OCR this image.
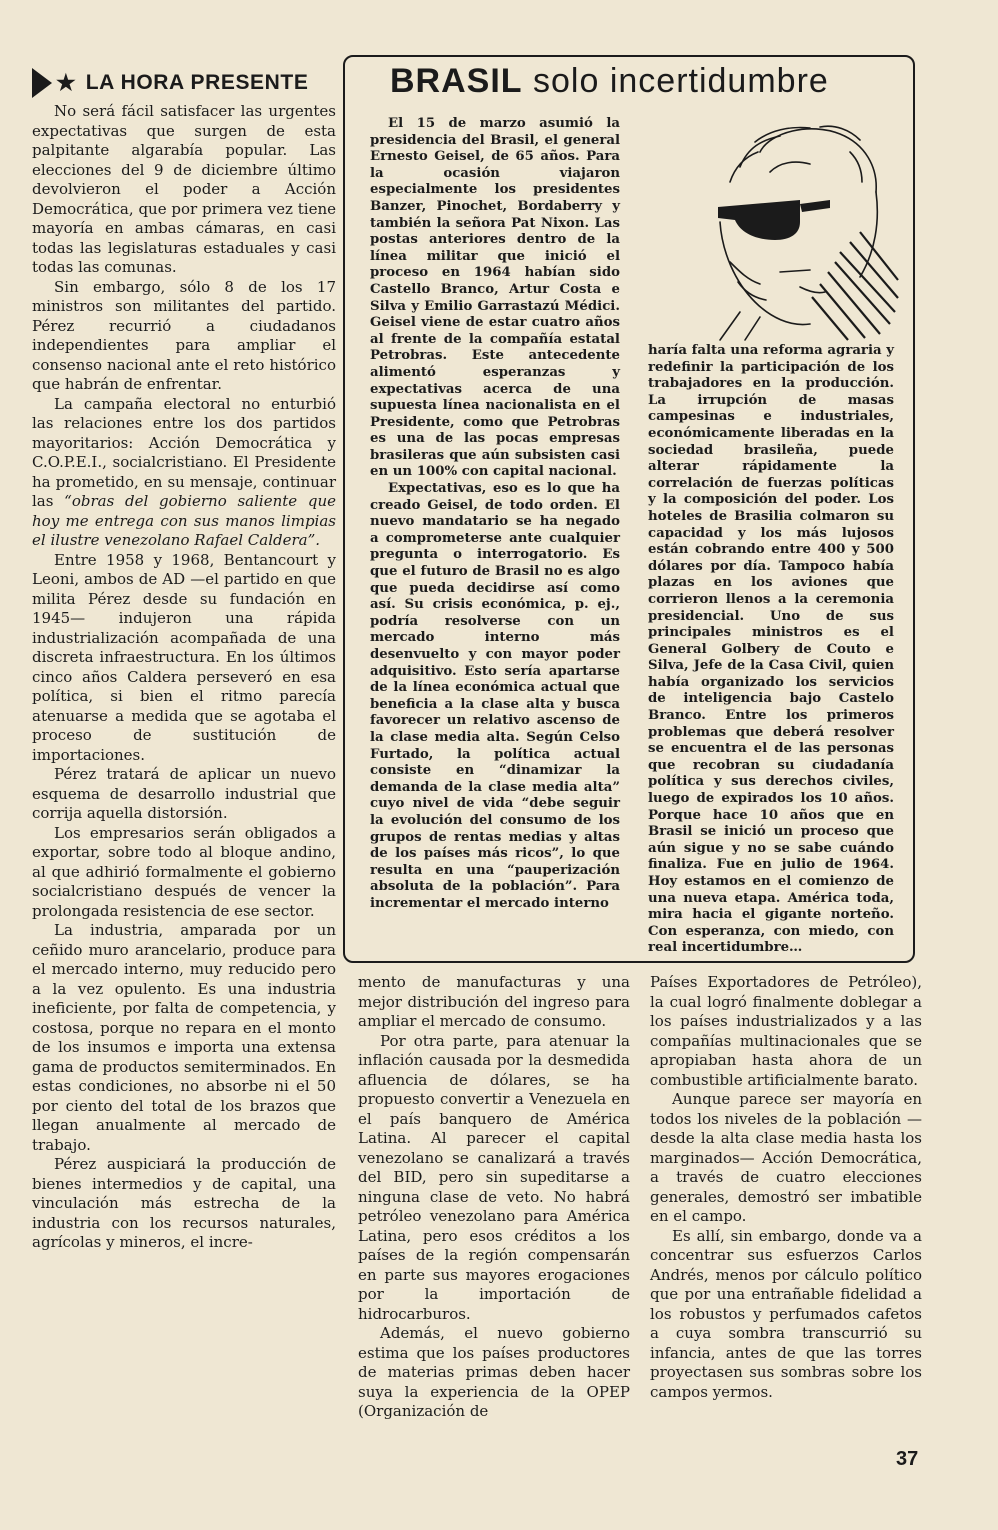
★ LA HORA PRESENTE

No será fácil satisfacer las urgentes expectativas que surgen de esta palpitante algarabía popular. Las elecciones del 9 de diciembre último devolvieron el poder a Acción Democrática, que por primera vez tiene mayoría en ambas cámaras, en casi todas las legislaturas estaduales y casi todas las comunas.

Sin embargo, sólo 8 de los 17 ministros son militantes del partido. Pérez recurrió a ciudadanos independientes para ampliar el consenso nacional ante el reto histórico que habrán de enfrentar.

La campaña electoral no enturbió las relaciones entre los dos partidos mayoritarios: Acción Democrática y C.O.P.E.I., socialcristiano. El Presidente ha prometido, en su mensaje, continuar las “obras del gobierno saliente que hoy me entrega con sus manos limpias el ilustre venezolano Rafael Caldera”.

Entre 1958 y 1968, Bentancourt y Leoni, ambos de AD —el partido en que milita Pérez desde su fundación en 1945— indujeron una rápida industrialización acompañada de una discreta infraestructura. En los últimos cinco años Caldera perseveró en esa política, si bien el ritmo parecía atenuarse a medida que se agotaba el proceso de sustitución de importaciones.

Pérez tratará de aplicar un nuevo esquema de desarrollo industrial que corrija aquella distorsión.

Los empresarios serán obligados a exportar, sobre todo al bloque andino, al que adhirió formalmente el gobierno socialcristiano después de vencer la prolongada resistencia de ese sector.

La industria, amparada por un ceñido muro arancelario, produce para el mercado interno, muy reducido pero a la vez opulento. Es una industria ineficiente, por falta de competencia, y costosa, porque no repara en el monto de los insumos e importa una extensa gama de productos semiterminados. En estas condiciones, no absorbe ni el 50 por ciento del total de los brazos que llegan anualmente al mercado de trabajo.

Pérez auspiciará la producción de bienes intermedios y de capital, una vinculación más estrecha de la industria con los recursos naturales, agrícolas y mineros, el incre-

BRASIL solo incertidumbre

El 15 de marzo asumió la presidencia del Brasil, el general Ernesto Geisel, de 65 años. Para la ocasión viajaron especialmente los presidentes Banzer, Pinochet, Bordaberry y también la señora Pat Nixon. Las postas anteriores dentro de la línea militar que inició el proceso en 1964 habían sido Castello Branco, Artur Costa e Silva y Emilio Garrastazú Médici. Geisel viene de estar cuatro años al frente de la compañía estatal Petrobras. Este antecedente alimentó esperanzas y expectativas acerca de una supuesta línea nacionalista en el Presidente, como que Petrobras es una de las pocas empresas brasileras que aún subsisten casi en un 100% con capital nacional.

Expectativas, eso es lo que ha creado Geisel, de todo orden. El nuevo mandatario se ha negado a comprometerse ante cualquier pregunta o interrogatorio. Es que el futuro de Brasil no es algo que pueda decidirse así como así. Su crisis económica, p. ej., podría resolverse con un mercado interno más desenvuelto y con mayor poder adquisitivo. Esto sería apartarse de la línea económica actual que beneficia a la clase alta y busca favorecer un relativo ascenso de la clase media alta. Según Celso Furtado, la política actual consiste en “dinamizar la demanda de la clase media alta” cuyo nivel de vida “debe seguir la evolución del consumo de los grupos de rentas medias y altas de los países más ricos”, lo que resulta en una “pauperización absoluta de la población”. Para incrementar el mercado interno

haría falta una reforma agraria y redefinir la participación de los trabajadores en la producción. La irrupción de masas campesinas e industriales, económicamente liberadas en la sociedad brasileña, puede alterar rápidamente la correlación de fuerzas políticas y la composición del poder. Los hoteles de Brasilia colmaron su capacidad y los más lujosos están cobrando entre 400 y 500 dólares por día. Tampoco había plazas en los aviones que corrieron llenos a la ceremonia presidencial. Uno de sus principales ministros es el General Golbery de Couto e Silva, Jefe de la Casa Civil, quien había organizado los servicios de inteligencia bajo Castelo Branco. Entre los primeros problemas que deberá resolver se encuentra el de las personas que recobran su ciudadanía política y sus derechos civiles, luego de expirados los 10 años. Porque hace 10 años que en Brasil se inició un proceso que aún sigue y no se sabe cuándo finaliza. Fue en julio de 1964. Hoy estamos en el comienzo de una nueva etapa. América toda, mira hacia el gigante norteño. Con esperanza, con miedo, con real incertidumbre…

mento de manufacturas y una mejor distribución del ingreso para ampliar el mercado de consumo.

Por otra parte, para atenuar la inflación causada por la desmedida afluencia de dólares, se ha propuesto convertir a Venezuela en el país banquero de América Latina. Al parecer el capital venezolano se canalizará a través del BID, pero sin supeditarse a ninguna clase de veto. No habrá petróleo venezolano para América Latina, pero esos créditos a los países de la región compensarán en parte sus mayores erogaciones por la importación de hidrocarburos.

Además, el nuevo gobierno estima que los países productores de materias primas deben hacer suya la experiencia de la OPEP (Organización de

Países Exportadores de Petróleo), la cual logró finalmente doblegar a los países industrializados y a las compañías multinacionales que se apropiaban hasta ahora de un combustible artificialmente barato.

Aunque parece ser mayoría en todos los niveles de la población —desde la alta clase media hasta los marginados— Acción Democrática, a través de cuatro elecciones generales, demostró ser imbatible en el campo.

Es allí, sin embargo, donde va a concentrar sus esfuerzos Carlos Andrés, menos por cálculo político que por una entrañable fidelidad a los robustos y perfumados cafetos a cuya sombra transcurrió su infancia, antes de que las torres proyectasen sus sombras sobre los campos yermos.

37
